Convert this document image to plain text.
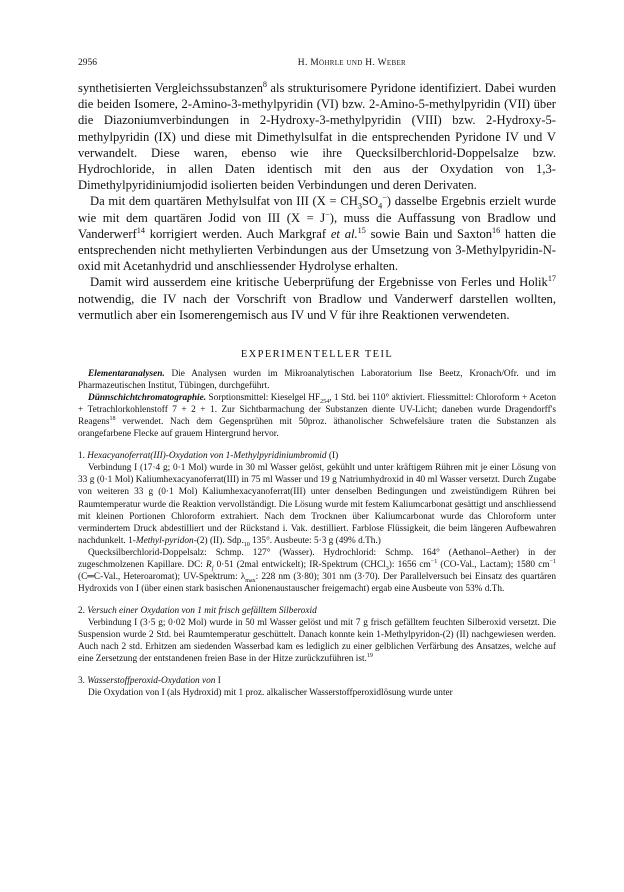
2956	H. Möhrle und H. Weber

synthetisierten Vergleichssubstanzen$^8$ als strukturisomere Pyridone identifiziert. Dabei wurden die beiden Isomere, 2-Amino-3-methylpyridin (VI) bzw. 2-Amino-5-methylpyridin (VII) über die Diazoniumverbindungen in 2-Hydroxy-3-methylpyridin (VIII) bzw. 2-Hydroxy-5-methylpyridin (IX) und diese mit Dimethylsulfat in die entsprechenden Pyridone IV und V verwandelt. Diese waren, ebenso wie ihre Quecksilberchlorid-Doppelsalze bzw. Hydrochloride, in allen Daten identisch mit den aus der Oxydation von 1,3-Dimethylpyridiniumjodid isolierten beiden Verbindungen und deren Derivaten.

Da mit dem quartären Methylsulfat von III $(X = CH_3SO_4^-)$ dasselbe Ergebnis erzielt wurde wie mit dem quartären Jodid von III (X = J−), muss die Auffassung von Bradlow und Vanderwerf$^{14}$ korrigiert werden. Auch Markgraf et al.$^{15}$ sowie Bain und Saxton$^{16}$ hatten die entsprechenden nicht methylierten Verbindungen aus der Umsetzung von 3-Methylpyridin-N-oxid mit Acetanhydrid und anschliessender Hydrolyse erhalten.

Damit wird ausserdem eine kritische Ueberprüfung der Ergebnisse von Ferles und Holik$^{17}$ notwendig, die IV nach der Vorschrift von Bradlow und Vanderwerf darstellen wollten, vermutlich aber ein Isomerengemisch aus IV und V für ihre Reaktionen verwendeten.

EXPERIMENTELLER TEIL

Elementaranalysen. Die Analysen wurden im Mikroanalytischen Laboratorium Ilse Beetz, Kronach/Ofr. und im Pharmazeutischen Institut, Tübingen, durchgeführt.

Dünnschichtchromatographie. Sorptionsmittel: Kieselgel $HF_{254}$, 1 Std. bei 110° aktiviert. Fliessmittel: Chloroform + Aceton + Tetrachlorkohlenstoff 7 + 2 + 1. Zur Sichtbarmachung der Substanzen diente UV-Licht; daneben wurde Dragendorff's Reagens$^{18}$ verwendet. Nach dem Gegensprühen mit 50proz. äthanolischer Schwefelsäure traten die Substanzen als orangefarbene Flecke auf grauem Hintergrund hervor.

1. Hexacyanoferrat(III)-Oxydation von 1-Methylpyridiniumbromid (I)

Verbindung I (17·4 g; 0·1 Mol) wurde in 30 ml Wasser gelöst, gekühlt und unter kräftigem Rühren mit je einer Lösung von 33 g (0·1 Mol) Kaliumhexacyanoferrat(III) in 75 ml Wasser und 19 g Natriumhydroxid in 40 ml Wasser versetzt. Durch Zugabe von weiteren 33 g (0·1 Mol) Kaliumhexacyanoferrat(III) unter denselben Bedingungen und zweistündigem Rühren bei Raumtemperatur wurde die Reaktion vervollständigt. Die Lösung wurde mit festem Kaliumcarbonat gesättigt und anschliessend mit kleinen Portionen Chloroform extrahiert. Nach dem Trocknen über Kaliumcarbonat wurde das Chloroform unter vermindertem Druck abdestilliert und der Rückstand i. Vak. destilliert. Farblose Flüssigkeit, die beim längeren Aufbewahren nachdunkelt. 1-Methyl-pyridon-(2) (II). $Sdp._{10}$ 135°. Ausbeute: 5·3 g (49% d.Th.)

Quecksilberchlorid-Doppelsalz: Schmp. 127° (Wasser). Hydrochlorid: Schmp. 164° (Aethanol–Aether) in der zugeschmolzenen Kapillare. DC: $R_f$ 0·51 (2mal entwickelt); IR-Spektrum (CHCl$_3$): 1656 $cm^{-1}$ (CO-Val., Lactam); 1580 $cm^{-1}$ (C═C-Val., Heteroaromat); UV-Spektrum: $\lambda_{max}$: 228 nm (3·80); 301 nm (3·70). Der Parallelversuch bei Einsatz des quartären Hydroxids von I (über einen stark basischen Anionenaustauscher freigemacht) ergab eine Ausbeute von 53% d.Th.

2. Versuch einer Oxydation von 1 mit frisch gefälltem Silberoxid

Verbindung I (3·5 g; 0·02 Mol) wurde in 50 ml Wasser gelöst und mit 7 g frisch gefälltem feuchten Silberoxid versetzt. Die Suspension wurde 2 Std. bei Raumtemperatur geschüttelt. Danach konnte kein 1-Methylpyridon-(2) (II) nachgewiesen werden. Auch nach 2 std. Erhitzen am siedenden Wasserbad kam es lediglich zu einer gelblichen Verfärbung des Ansatzes, welche auf eine Zersetzung der entstandenen freien Base in der Hitze zurückzuführen ist.$^{19}$

3. Wasserstoffperoxid-Oxydation von I

Die Oxydation von I (als Hydroxid) mit 1 proz. alkalischer Wasserstoffperoxidlösung wurde unter
